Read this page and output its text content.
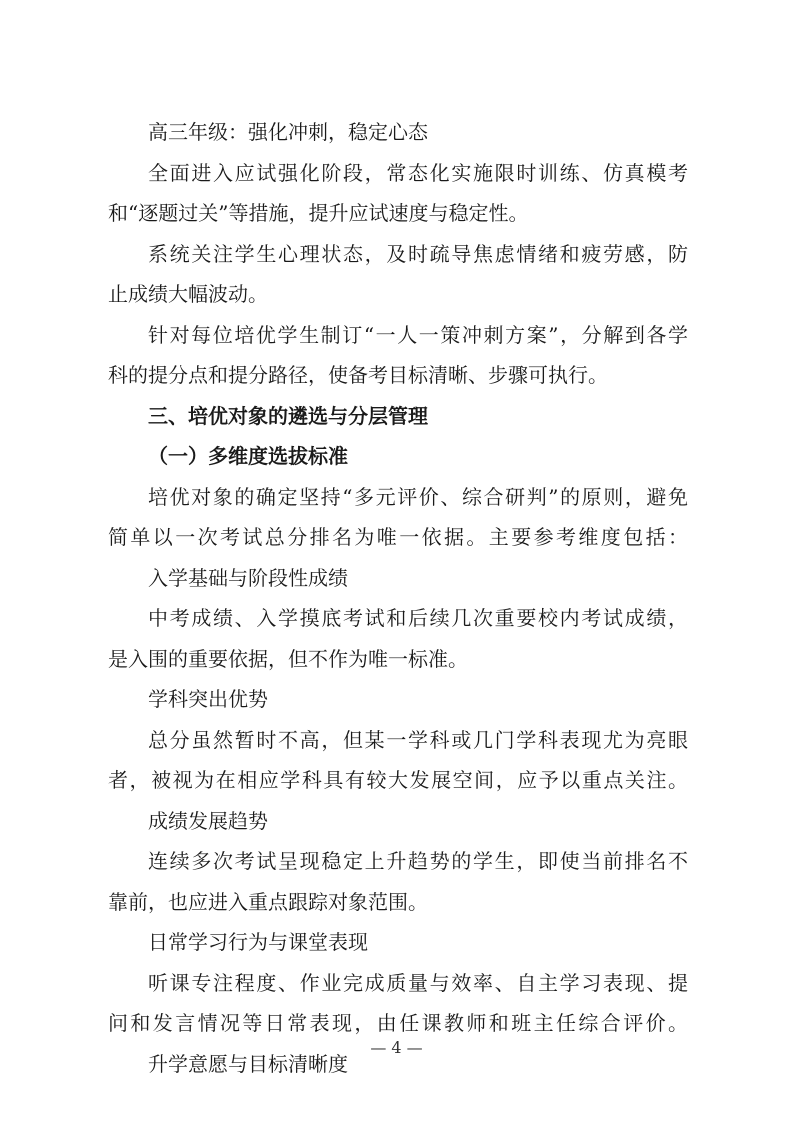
高三年级：强化冲刺，稳定心态
全面进入应试强化阶段，常态化实施限时训练、仿真模考
和“逐题过关”等措施，提升应试速度与稳定性。
系统关注学生心理状态，及时疏导焦虑情绪和疲劳感，防
止成绩大幅波动。
针对每位培优学生制订“一人一策冲刺方案”，分解到各学
科的提分点和提分路径，使备考目标清晰、步骤可执行。
三、培优对象的遴选与分层管理
（一）多维度选拔标准
培优对象的确定坚持“多元评价、综合研判”的原则，避免
简单以一次考试总分排名为唯一依据。主要参考维度包括：
入学基础与阶段性成绩
中考成绩、入学摸底考试和后续几次重要校内考试成绩，
是入围的重要依据，但不作为唯一标准。
学科突出优势
总分虽然暂时不高，但某一学科或几门学科表现尤为亮眼
者，被视为在相应学科具有较大发展空间，应予以重点关注。
成绩发展趋势
连续多次考试呈现稳定上升趋势的学生，即使当前排名不
靠前，也应进入重点跟踪对象范围。
日常学习行为与课堂表现
听课专注程度、作业完成质量与效率、自主学习表现、提
问和发言情况等日常表现，由任课教师和班主任综合评价。
升学意愿与目标清晰度
— 4 —
